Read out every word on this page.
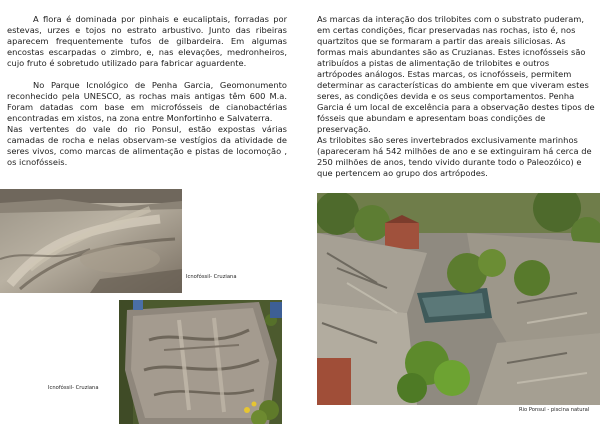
A flora é dominada por pinhais e eucaliptais, forradas por estevas, urzes e tojos no estrato arbustivo. Junto das ribeiras aparecem frequentemente tufos de gilbardeira. Em algumas encostas escarpadas o zimbro, e, nas elevações, medronheiros, cujo fruto é sobretudo utilizado para fabricar aguardente.

No Parque Icnológico de Penha Garcia, Geomonumento reconhecido pela UNESCO, as rochas mais antigas têm 600 M.a. Foram datadas com base em microfósseis de cianobactérias encontradas em xistos, na zona entre Monfortinho e Salvaterra.

Nas vertentes do vale do rio Ponsul, estão expostas várias camadas de rocha e nelas observam-se vestígios da atividade de seres vivos, como marcas de alimentação e pistas de locomoção , os icnofósseis.

As marcas da interação dos trilobites com o substrato puderam, em certas condições, ficar preservadas nas rochas, isto é, nos quartzitos que se formaram a partir das areais siliciosas. As formas mais abundantes são as Cruzianas. Estes icnofósseis são atribuídos a pistas de alimentação de trilobites e outros artrópodes análogos. Estas marcas, os icnofósseis, permitem determinar as características do ambiente em que viveram estes seres, as condições devida e os seus comportamentos. Penha Garcia é um local de excelência para a observação destes tipos de fósseis que abundam e apresentam boas condições de preservação.

As trilobites são seres invertebrados exclusivamente marinhos (apareceram há 542 milhões de ano e se extinguiram há cerca de 250 milhões de anos, tendo vivido durante todo o Paleozóico) e que pertencem ao grupo dos artrópodes.

Icnofóssil- Cruziana
Icnofóssil- Cruziana
Rio Ponsul - piscina natural
